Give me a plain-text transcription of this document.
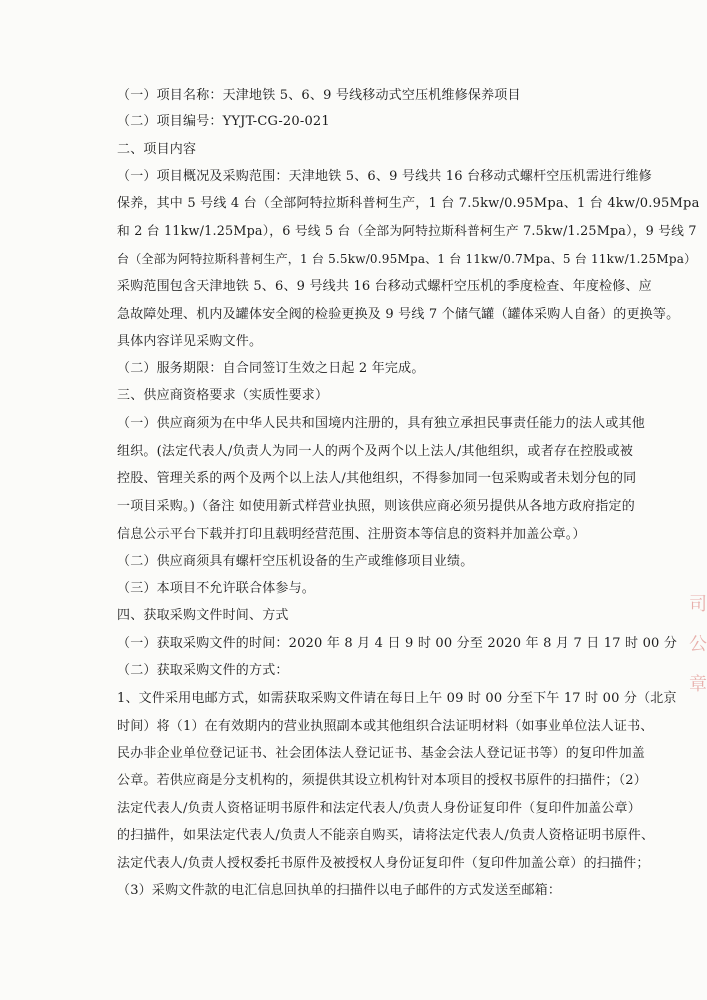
（一）项目名称：天津地铁 5、6、9 号线移动式空压机维修保养项目
（二）项目编号：YYJT-CG-20-021
二、项目内容
（一）项目概况及采购范围：天津地铁 5、6、9 号线共 16 台移动式螺杆空压机需进行维修
保养，其中 5 号线 4 台（全部阿特拉斯科普柯生产，1 台 7.5kw/0.95Mpa、1 台 4kw/0.95Mpa
和 2 台 11kw/1.25Mpa），6 号线 5 台（全部为阿特拉斯科普柯生产 7.5kw/1.25Mpa），9 号线 7
台（全部为阿特拉斯科普柯生产，1 台 5.5kw/0.95Mpa、1 台 11kw/0.7Mpa、5 台 11kw/1.25Mpa）
采购范围包含天津地铁 5、6、9 号线共 16 台移动式螺杆空压机的季度检查、年度检修、应
急故障处理、机内及罐体安全阀的检验更换及 9 号线 7 个储气罐（罐体采购人自备）的更换等。
具体内容详见采购文件。
（二）服务期限：自合同签订生效之日起 2 年完成。
三、供应商资格要求（实质性要求）
（一）供应商须为在中华人民共和国境内注册的，具有独立承担民事责任能力的法人或其他
组织。(法定代表人/负责人为同一人的两个及两个以上法人/其他组织，或者存在控股或被
控股、管理关系的两个及两个以上法人/其他组织，不得参加同一包采购或者未划分包的同
一项目采购。)（备注 如使用新式样营业执照，则该供应商必须另提供从各地方政府指定的
信息公示平台下载并打印且载明经营范围、注册资本等信息的资料并加盖公章。）
（二）供应商须具有螺杆空压机设备的生产或维修项目业绩。
（三）本项目不允许联合体参与。
四、获取采购文件时间、方式
（一）获取采购文件的时间：2020 年 8 月 4 日 9 时 00 分至 2020 年 8 月 7 日 17 时 00 分
（二）获取采购文件的方式：
1、文件采用电邮方式，如需获取采购文件请在每日上午 09 时 00 分至下午 17 时 00 分（北京
时间）将（1）在有效期内的营业执照副本或其他组织合法证明材料（如事业单位法人证书、
民办非企业单位登记证书、社会团体法人登记证书、基金会法人登记证书等）的复印件加盖
公章。若供应商是分支机构的，须提供其设立机构针对本项目的授权书原件的扫描件；（2）
法定代表人/负责人资格证明书原件和法定代表人/负责人身份证复印件（复印件加盖公章）
的扫描件，如果法定代表人/负责人不能亲自购买，请将法定代表人/负责人资格证明书原件、
法定代表人/负责人授权委托书原件及被授权人身份证复印件（复印件加盖公章）的扫描件；
（3）采购文件款的电汇信息回执单的扫描件以电子邮件的方式发送至邮箱：
司
公
章
